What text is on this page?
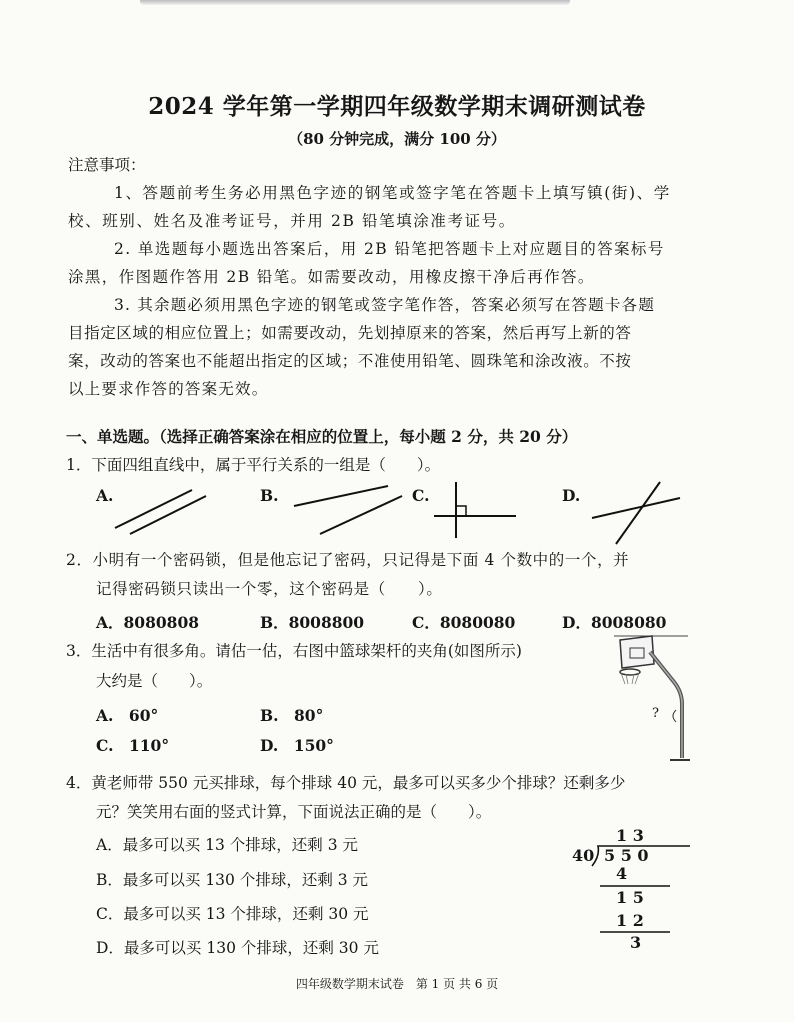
2024 学年第一学期四年级数学期末调研测试卷
（80 分钟完成，满分 100 分）
注意事项：
1、答题前考生务必用黑色字迹的钢笔或签字笔在答题卡上填写镇(街)、学
校、班别、姓名及准考证号，并用 2B 铅笔填涂准考证号。
2. 单选题每小题选出答案后，用 2B 铅笔把答题卡上对应题目的答案标号
涂黑，作图题作答用 2B 铅笔。如需要改动，用橡皮擦干净后再作答。
3. 其余题必须用黑色字迹的钢笔或签字笔作答，答案必须写在答题卡各题
目指定区域的相应位置上；如需要改动，先划掉原来的答案，然后再写上新的答
案，改动的答案也不能超出指定的区域；不准使用铅笔、圆珠笔和涂改液。不按
以上要求作答的答案无效。
一、单选题。（选择正确答案涂在相应的位置上，每小题 2 分，共 20 分）
1．下面四组直线中，属于平行关系的一组是（　　）。
A.	B.	C.	D.
2．小明有一个密码锁，但是他忘记了密码，只记得是下面 4 个数中的一个，并
记得密码锁只读出一个零，这个密码是（　　）。
A．8080808	B．8008800	C．8080080	D．8008080
3．生活中有很多角。请估一估，右图中篮球架杆的夹角(如图所示)
大约是（　　）。
A.　60°	B.　80°
C.　110°	D.　150°
?
4．黄老师带 550 元买排球，每个排球 40 元，最多可以买多少个排球？还剩多少
元？笑笑用右面的竖式计算，下面说法正确的是（　　）。
A．最多可以买 13 个排球，还剩 3 元
B．最多可以买 130 个排球，还剩 3 元
C．最多可以买 13 个排球，还剩 30 元
D．最多可以买 130 个排球，还剩 30 元
1 3
40 5 5 0
4
1 5
1 2
3
四年级数学期末试卷　第 1 页 共 6 页
